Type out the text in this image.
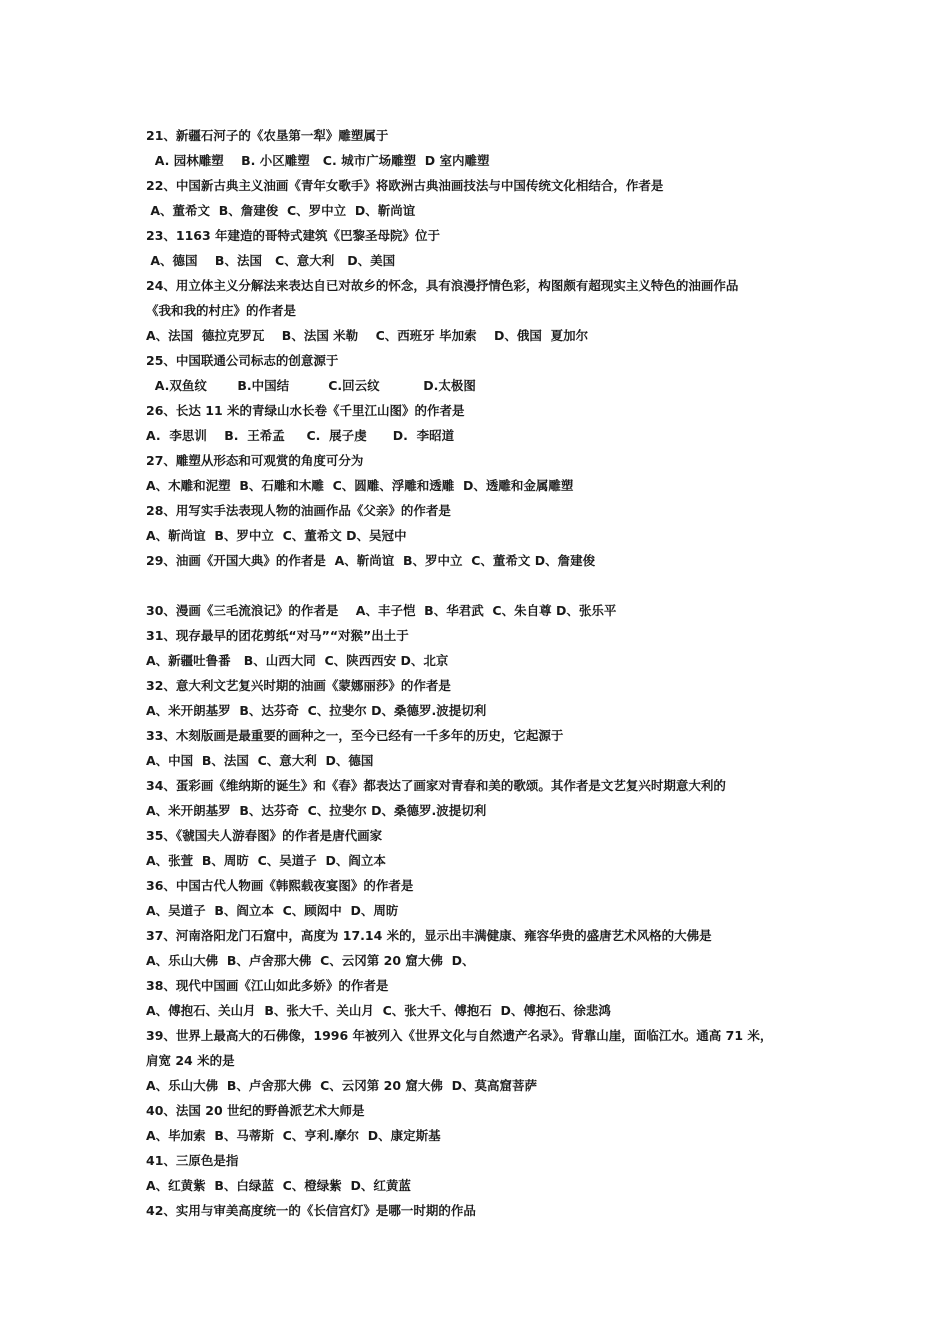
21、新疆石河子的《农垦第一犁》雕塑属于
A. 园林雕塑    B. 小区雕塑   C. 城市广场雕塑  D 室内雕塑
22、中国新古典主义油画《青年女歌手》将欧洲古典油画技法与中国传统文化相结合，作者是
A、董希文  B、詹建俊  C、罗中立  D、靳尚谊
23、1163 年建造的哥特式建筑《巴黎圣母院》位于
A、德国    B、法国   C、意大利   D、美国
24、用立体主义分解法来表达自已对故乡的怀念，具有浪漫抒情色彩，构图颇有超现实主义特色的油画作品
《我和我的村庄》的作者是
A、法国  德拉克罗瓦    B、法国 米勒    C、西班牙 毕加索    D、俄国  夏加尔
25、中国联通公司标志的创意源于
A.双鱼纹       B.中国结         C.回云纹          D.太极图
26、长达 11 米的青绿山水长卷《千里江山图》的作者是
A.  李思训    B.  王希孟     C.  展子虔      D.  李昭道
27、雕塑从形态和可观赏的角度可分为
A、木雕和泥塑  B、石雕和木雕  C、圆雕、浮雕和透雕  D、透雕和金属雕塑
28、用写实手法表现人物的油画作品《父亲》的作者是
A、靳尚谊  B、罗中立  C、董希文 D、吴冠中
29、油画《开国大典》的作者是  A、靳尚谊  B、罗中立  C、董希文 D、詹建俊
30、漫画《三毛流浪记》的作者是    A、丰子恺  B、华君武  C、朱自尊 D、张乐平
31、现存最早的团花剪纸“对马”“对猴”出土于
A、新疆吐鲁番   B、山西大同  C、陕西西安 D、北京
32、意大利文艺复兴时期的油画《蒙娜丽莎》的作者是
A、米开朗基罗  B、达芬奇  C、拉斐尔 D、桑德罗.波提切利
33、木刻版画是最重要的画种之一，至今已经有一千多年的历史，它起源于
A、中国  B、法国  C、意大利  D、德国
34、蛋彩画《维纳斯的诞生》和《春》都表达了画家对青春和美的歌颂。其作者是文艺复兴时期意大利的
A、米开朗基罗  B、达芬奇  C、拉斐尔 D、桑德罗.波提切利
35、《虢国夫人游春图》的作者是唐代画家
A、张萱  B、周昉  C、吴道子  D、阎立本
36、中国古代人物画《韩熙载夜宴图》的作者是
A、吴道子  B、阎立本  C、顾闳中  D、周昉
37、河南洛阳龙门石窟中，高度为 17.14 米的，显示出丰满健康、雍容华贵的盛唐艺术风格的大佛是
A、乐山大佛  B、卢舍那大佛  C、云冈第 20 窟大佛  D、
38、现代中国画《江山如此多娇》的作者是
A、傅抱石、关山月  B、张大千、关山月  C、张大千、傅抱石  D、傅抱石、徐悲鸿
39、世界上最高大的石佛像，1996 年被列入《世界文化与自然遗产名录》。背靠山崖，面临江水。通高 71 米，
肩宽 24 米的是
A、乐山大佛  B、卢舍那大佛  C、云冈第 20 窟大佛  D、莫高窟菩萨
40、法国 20 世纪的野兽派艺术大师是
A、毕加索  B、马蒂斯  C、亨利.摩尔  D、康定斯基
41、三原色是指
A、红黄紫  B、白绿蓝  C、橙绿紫  D、红黄蓝
42、实用与审美高度统一的《长信宫灯》是哪一时期的作品
